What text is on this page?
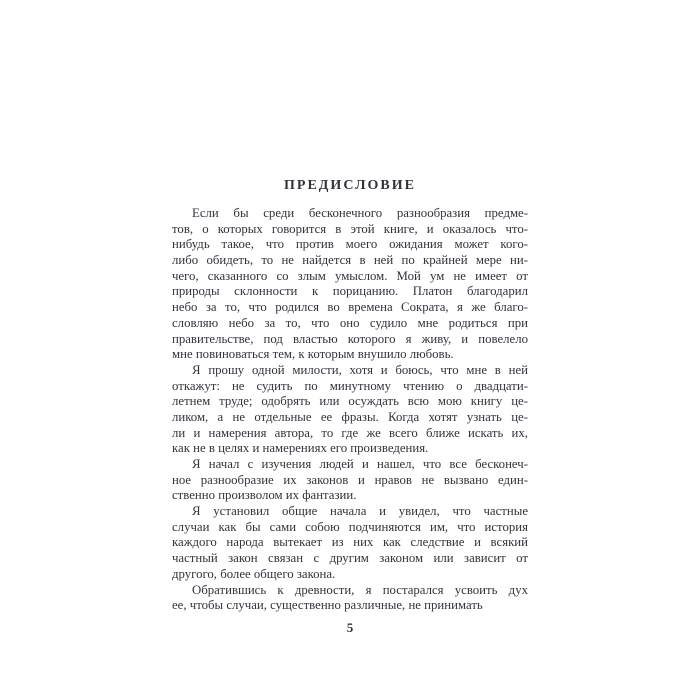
ПРЕДИСЛОВИЕ
Если бы среди бесконечного разнообразия предме-
тов, о которых говорится в этой книге, и оказалось что-
нибудь такое, что против моего ожидания может кого-
либо обидеть, то не найдется в ней по крайней мере ни-
чего, сказанного со злым умыслом. Мой ум не имеет от
природы склонности к порицанию. Платон благодарил
небо за то, что родился во времена Сократа, я же благо-
словляю небо за то, что оно судило мне родиться при
правительстве, под властью которого я живу, и повелело
мне повиноваться тем, к которым внушило любовь.
Я прошу одной милости, хотя и боюсь, что мне в ней
откажут: не судить по минутному чтению о двадцати-
летнем труде; одобрять или осуждать всю мою книгу це-
ликом, а не отдельные ее фразы. Когда хотят узнать це-
ли и намерения автора, то где же всего ближе искать их,
как не в целях и намерениях его произведения.
Я начал с изучения людей и нашел, что все бесконеч-
ное разнообразие их законов и нравов не вызвано един-
ственно произволом их фантазии.
Я установил общие начала и увидел, что частные
случаи как бы сами собою подчиняются им, что история
каждого народа вытекает из них как следствие и всякий
частный закон связан с другим законом или зависит от
другого, более общего закона.
Обратившись к древности, я постарался усвоить дух
ее, чтобы случаи, существенно различные, не принимать
5
